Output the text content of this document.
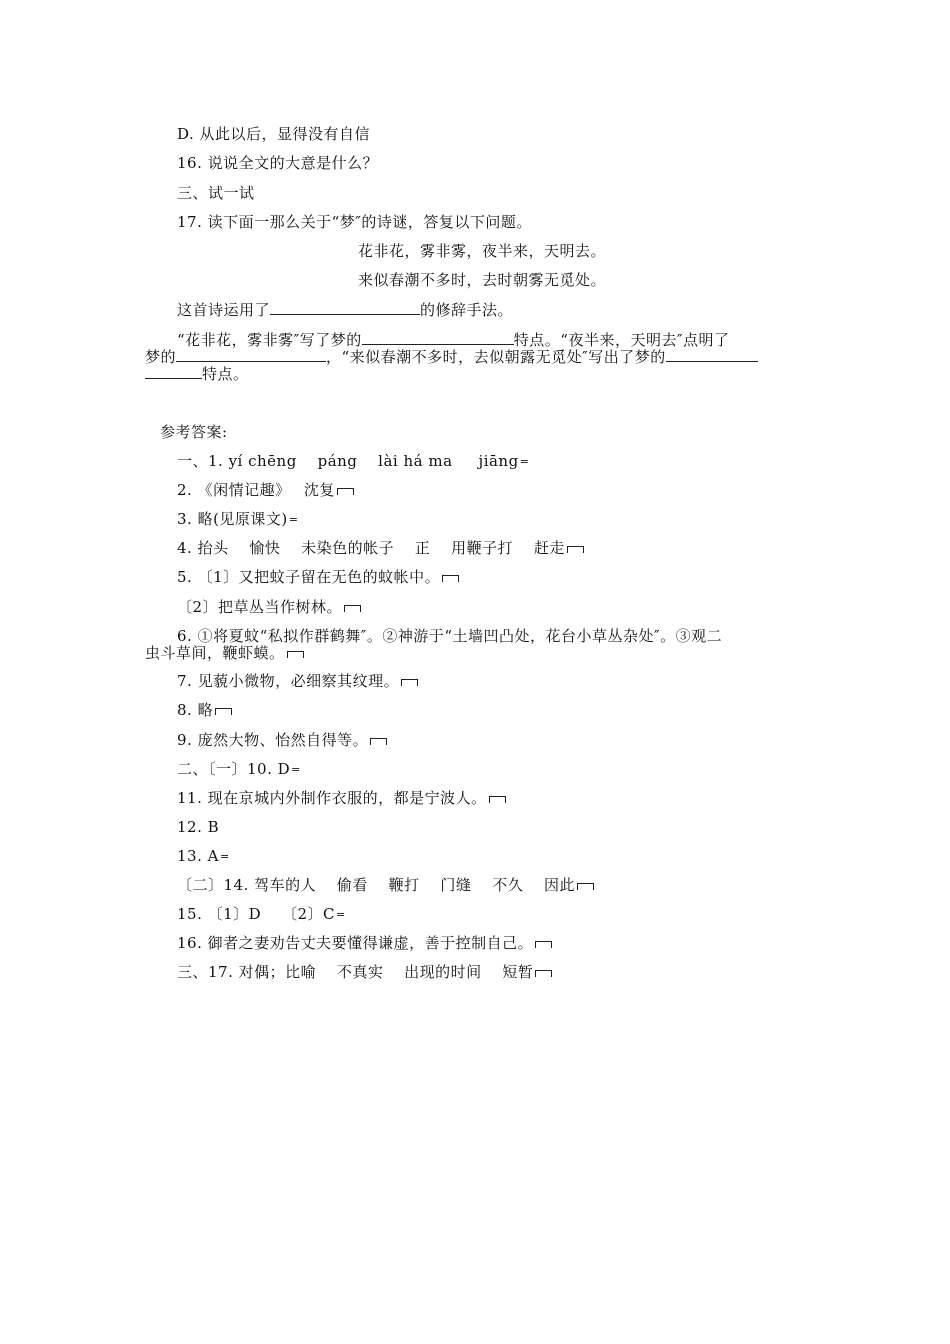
D. 从此以后，显得没有自信
16. 说说全文的大意是什么？
三、试一试
17. 读下面一那么关于“梦″的诗谜，答复以下问题。
花非花，雾非雾，夜半来，天明去。
来似春潮不多时，去时朝雾无觅处。
这首诗运用了	的修辞手法。
“花非花，雾非雾″写了梦的	特点。“夜半来，天明去″点明了
梦的	，“来似春潮不多时，去似朝露无觅处″写出了梦的
特点。
参考答案:
一、1. yí chēng　 páng　 lài há ma　  jiāng=
2. 《闲情记趣》　 沈复
3. 略(见原课文)=
4. 抬头　 愉快　 未染色的帐子　 正　 用鞭子打　 赶走
5. 〔1〕又把蚊子留在无色的蚊帐中。
〔2〕把草丛当作树林。
6. ①将夏蚊“私拟作群鹤舞″。②神游于“土墙凹凸处，花台小草丛杂处″。③观二
虫斗草间，鞭虾蟆。
7. 见藐小微物，必细察其纹理。
8. 略
9. 庞然大物、怡然自得等。
二、〔一〕10. D=
11. 现在京城内外制作衣服的，都是宁波人。
12. B
13. A=
〔二〕14. 驾车的人　 偷看　 鞭打　 门缝　 不久　 因此
15. 〔1〕D　 〔2〕C=
16. 御者之妻劝告丈夫要懂得谦虚，善于控制自己。
三、17. 对偶；比喻　 不真实　 出现的时间　 短暂
